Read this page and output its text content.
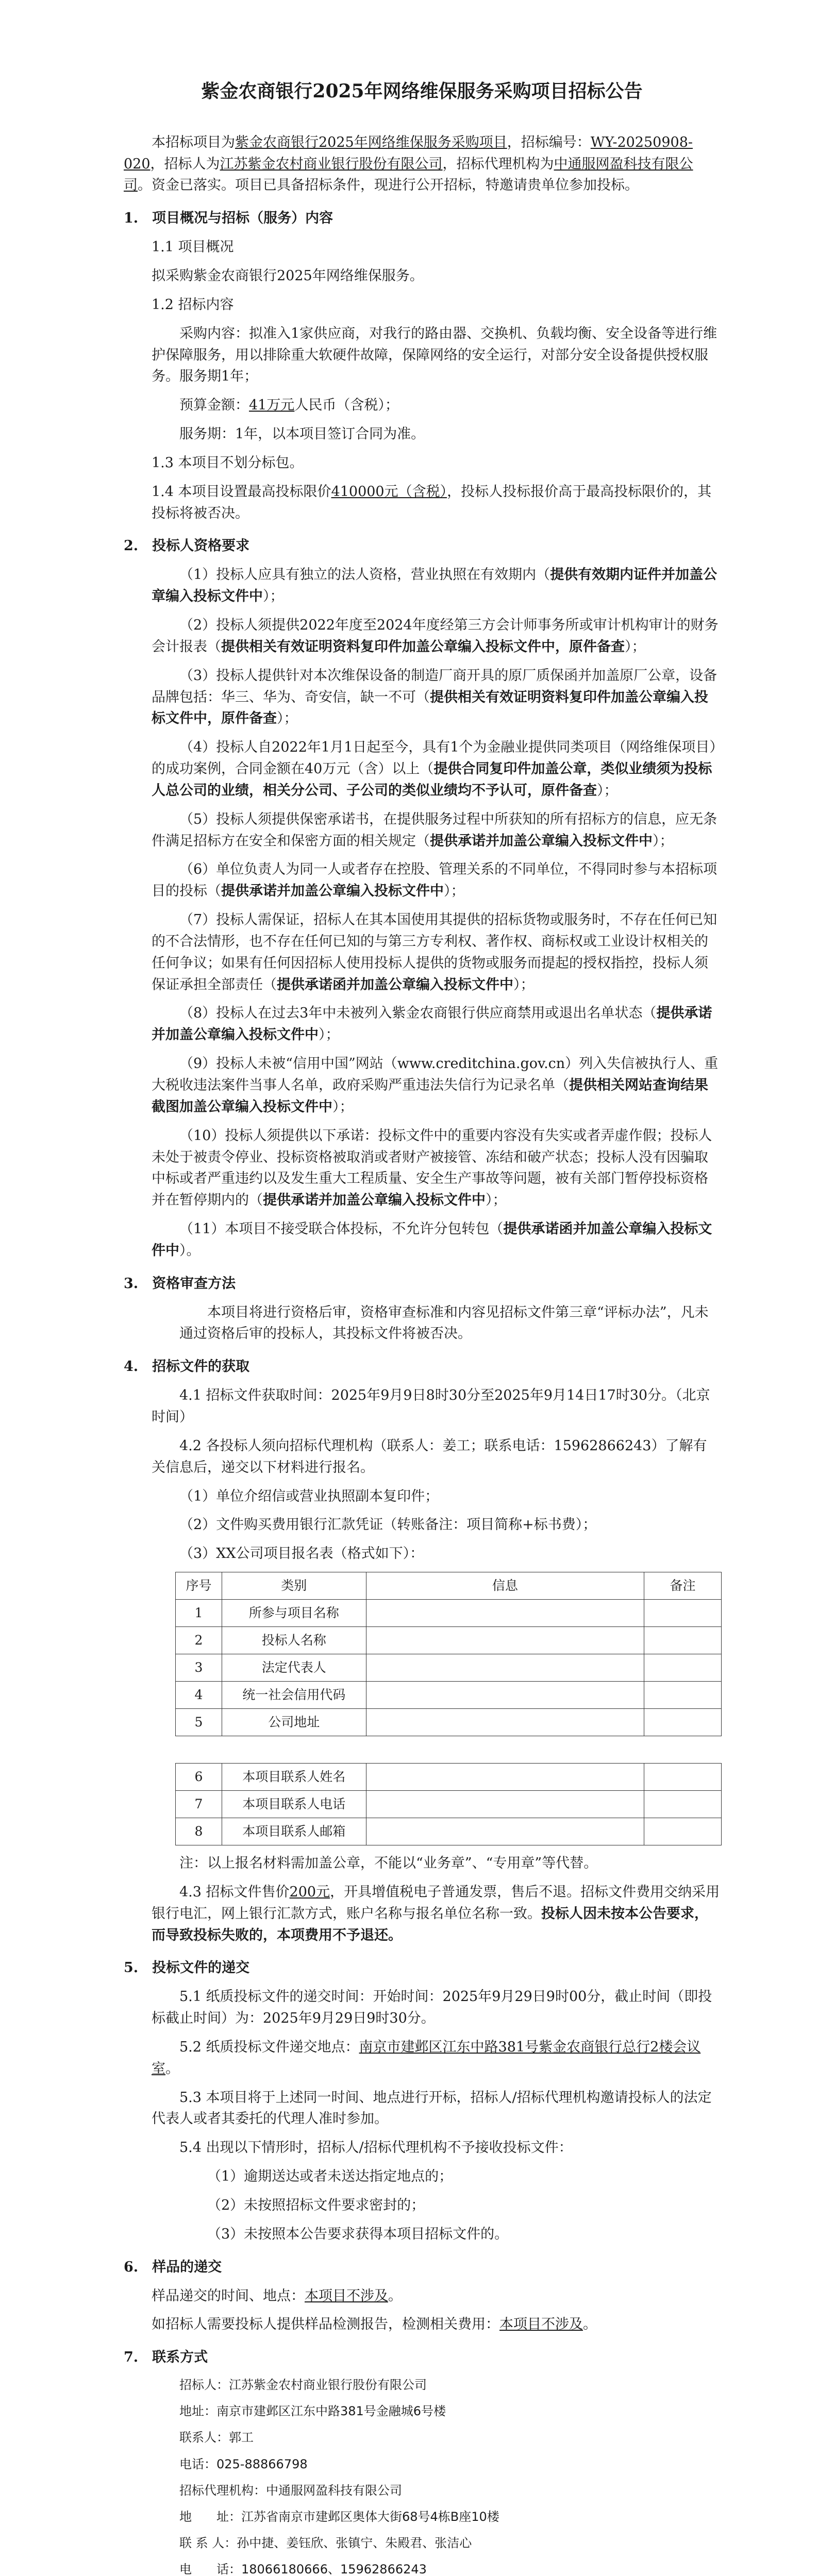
紫金农商银行2025年网络维保服务采购项目招标公告

本招标项目为紫金农商银行2025年网络维保服务采购项目，招标编号：WY-20250908-020，招标人为江苏紫金农村商业银行股份有限公司，招标代理机构为中通服网盈科技有限公司。资金已落实。项目已具备招标条件，现进行公开招标，特邀请贵单位参加投标。

1.　项目概况与招标（服务）内容

1.1 项目概况

拟采购紫金农商银行2025年网络维保服务。

1.2 招标内容

采购内容：拟准入1家供应商，对我行的路由器、交换机、负载均衡、安全设备等进行维护保障服务，用以排除重大软硬件故障，保障网络的安全运行，对部分安全设备提供授权服务。服务期1年；

预算金额：41万元人民币（含税）；

服务期：1年，以本项目签订合同为准。

1.3 本项目不划分标包。

1.4 本项目设置最高投标限价410000元（含税），投标人投标报价高于最高投标限价的，其投标将被否决。

2.　投标人资格要求

（1）投标人应具有独立的法人资格，营业执照在有效期内（提供有效期内证件并加盖公章编入投标文件中）；

（2）投标人须提供2022年度至2024年度经第三方会计师事务所或审计机构审计的财务会计报表（提供相关有效证明资料复印件加盖公章编入投标文件中，原件备查）；

（3）投标人提供针对本次维保设备的制造厂商开具的原厂质保函并加盖原厂公章，设备品牌包括：华三、华为、奇安信，缺一不可（提供相关有效证明资料复印件加盖公章编入投标文件中，原件备查）；

（4）投标人自2022年1月1日起至今，具有1个为金融业提供同类项目（网络维保项目）的成功案例，合同金额在40万元（含）以上（提供合同复印件加盖公章，类似业绩须为投标人总公司的业绩，相关分公司、子公司的类似业绩均不予认可，原件备查）；

（5）投标人须提供保密承诺书，在提供服务过程中所获知的所有招标方的信息，应无条件满足招标方在安全和保密方面的相关规定（提供承诺并加盖公章编入投标文件中）；

（6）单位负责人为同一人或者存在控股、管理关系的不同单位，不得同时参与本招标项目的投标（提供承诺并加盖公章编入投标文件中）；

（7）投标人需保证，招标人在其本国使用其提供的招标货物或服务时，不存在任何已知的不合法情形，也不存在任何已知的与第三方专利权、著作权、商标权或工业设计权相关的任何争议；如果有任何因招标人使用投标人提供的货物或服务而提起的授权指控，投标人须保证承担全部责任（提供承诺函并加盖公章编入投标文件中）；

（8）投标人在过去3年中未被列入紫金农商银行供应商禁用或退出名单状态（提供承诺并加盖公章编入投标文件中）；

（9）投标人未被“信用中国”网站（www.creditchina.gov.cn）列入失信被执行人、重大税收违法案件当事人名单，政府采购严重违法失信行为记录名单（提供相关网站查询结果截图加盖公章编入投标文件中）；

（10）投标人须提供以下承诺：投标文件中的重要内容没有失实或者弄虚作假；投标人未处于被责令停业、投标资格被取消或者财产被接管、冻结和破产状态；投标人没有因骗取中标或者严重违约以及发生重大工程质量、安全生产事故等问题，被有关部门暂停投标资格并在暂停期内的（提供承诺并加盖公章编入投标文件中）；

（11）本项目不接受联合体投标，不允许分包转包（提供承诺函并加盖公章编入投标文件中）。

3.　资格审查方法

本项目将进行资格后审，资格审查标准和内容见招标文件第三章“评标办法”，凡未通过资格后审的投标人，其投标文件将被否决。

4.　招标文件的获取

4.1 招标文件获取时间：2025年9月9日8时30分至2025年9月14日17时30分。（北京时间）

4.2 各投标人须向招标代理机构（联系人：姜工；联系电话：15962866243）了解有关信息后，递交以下材料进行报名。

（1）单位介绍信或营业执照副本复印件；

（2）文件购买费用银行汇款凭证（转账备注：项目简称+标书费）；

（3）XX公司项目报名表（格式如下）：

序号	类别	信息	备注
1	所参与项目名称		
2	投标人名称		
3	法定代表人		
4	统一社会信用代码		
5	公司地址		

6	本项目联系人姓名		
7	本项目联系人电话		
8	本项目联系人邮箱		

注：以上报名材料需加盖公章，不能以“业务章”、“专用章”等代替。

4.3 招标文件售价200元，开具增值税电子普通发票，售后不退。招标文件费用交纳采用银行电汇，网上银行汇款方式，账户名称与报名单位名称一致。投标人因未按本公告要求，而导致投标失败的，本项费用不予退还。

5.　投标文件的递交

5.1 纸质投标文件的递交时间：开始时间：2025年9月29日9时00分，截止时间（即投标截止时间）为：2025年9月29日9时30分。

5.2 纸质投标文件递交地点：南京市建邺区江东中路381号紫金农商银行总行2楼会议室。

5.3 本项目将于上述同一时间、地点进行开标，招标人/招标代理机构邀请投标人的法定代表人或者其委托的代理人准时参加。

5.4 出现以下情形时，招标人/招标代理机构不予接收投标文件：

（1）逾期送达或者未送达指定地点的；

（2）未按照招标文件要求密封的；

（3）未按照本公告要求获得本项目招标文件的。

6.　样品的递交

样品递交的时间、地点：本项目不涉及。

如招标人需要投标人提供样品检测报告，检测相关费用：本项目不涉及。

7.　联系方式

招标人：江苏紫金农村商业银行股份有限公司

地址：南京市建邺区江东中路381号金融城6号楼

联系人：郭工

电话：025-88866798

招标代理机构：中通服网盈科技有限公司

地　　址：江苏省南京市建邺区奥体大街68号4栋B座10楼

联 系 人：孙中捷、姜钰欣、张镇宁、朱殿君、张洁心

电　　话：18066180666、15962866243
